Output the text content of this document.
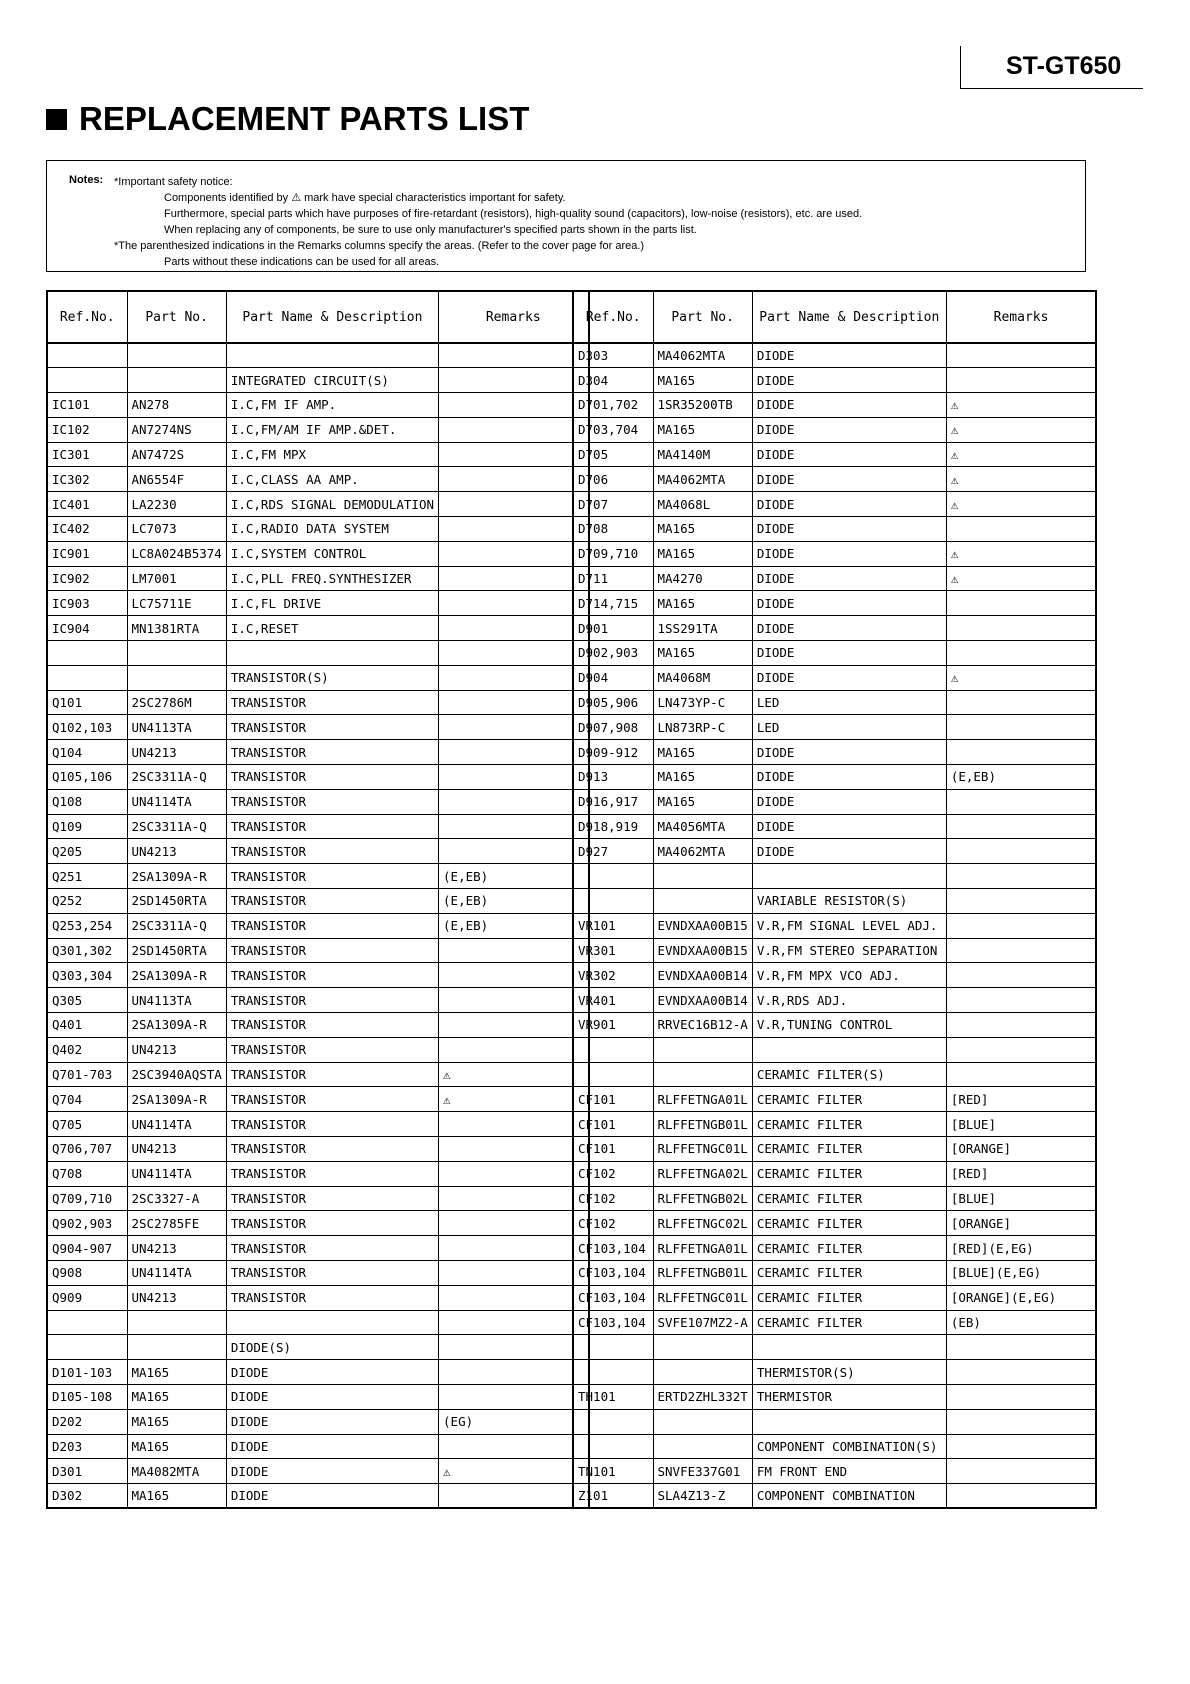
ST-GT650
REPLACEMENT PARTS LIST
Notes: *Important safety notice:
Components identified by ⚠ mark have special characteristics important for safety.
Furthermore, special parts which have purposes of fire-retardant (resistors), high-quality sound (capacitors), low-noise (resistors), etc. are used.
When replacing any of components, be sure to use only manufacturer's specified parts shown in the parts list.
*The parenthesized indications in the Remarks columns specify the areas. (Refer to the cover page for area.)
Parts without these indications can be used for all areas.
Ref.No.	Part No.	Part Name & Description	Remarks

		INTEGRATED CIRCUIT(S)	
IC101	AN278	I.C,FM IF AMP.	
IC102	AN7274NS	I.C,FM/AM IF AMP.&DET.	
IC301	AN7472S	I.C,FM MPX	
IC302	AN6554F	I.C,CLASS AA AMP.	
IC401	LA2230	I.C,RDS SIGNAL DEMODULATION	
IC402	LC7073	I.C,RADIO DATA SYSTEM	
IC901	LC8A024B5374	I.C,SYSTEM CONTROL	
IC902	LM7001	I.C,PLL FREQ.SYNTHESIZER	
IC903	LC75711E	I.C,FL DRIVE	
IC904	MN1381RTA	I.C,RESET	

		TRANSISTOR(S)	
Q101	2SC2786M	TRANSISTOR	
Q102,103	UN4113TA	TRANSISTOR	
Q104	UN4213	TRANSISTOR	
Q105,106	2SC3311A-Q	TRANSISTOR	
Q108	UN4114TA	TRANSISTOR	
Q109	2SC3311A-Q	TRANSISTOR	
Q205	UN4213	TRANSISTOR	
Q251	2SA1309A-R	TRANSISTOR	(E,EB)
Q252	2SD1450RTA	TRANSISTOR	(E,EB)
Q253,254	2SC3311A-Q	TRANSISTOR	(E,EB)
Q301,302	2SD1450RTA	TRANSISTOR	
Q303,304	2SA1309A-R	TRANSISTOR	
Q305	UN4113TA	TRANSISTOR	
Q401	2SA1309A-R	TRANSISTOR	
Q402	UN4213	TRANSISTOR	
Q701-703	2SC3940AQSTA	TRANSISTOR	⚠
Q704	2SA1309A-R	TRANSISTOR	⚠
Q705	UN4114TA	TRANSISTOR	
Q706,707	UN4213	TRANSISTOR	
Q708	UN4114TA	TRANSISTOR	
Q709,710	2SC3327-A	TRANSISTOR	
Q902,903	2SC2785FE	TRANSISTOR	
Q904-907	UN4213	TRANSISTOR	
Q908	UN4114TA	TRANSISTOR	
Q909	UN4213	TRANSISTOR	

		DIODE(S)	
D101-103	MA165	DIODE	
D105-108	MA165	DIODE	
D202	MA165	DIODE	(EG)
D203	MA165	DIODE	
D301	MA4082MTA	DIODE	⚠
D302	MA165	DIODE	
Ref.No.	Part No.	Part Name & Description	Remarks
D303	MA4062MTA	DIODE	
D304	MA165	DIODE	
D701,702	1SR35200TB	DIODE	⚠
D703,704	MA165	DIODE	⚠
D705	MA4140M	DIODE	⚠
D706	MA4062MTA	DIODE	⚠
D707	MA4068L	DIODE	⚠
D708	MA165	DIODE	
D709,710	MA165	DIODE	⚠
D711	MA4270	DIODE	⚠
D714,715	MA165	DIODE	
D901	1SS291TA	DIODE	
D902,903	MA165	DIODE	
D904	MA4068M	DIODE	⚠
D905,906	LN473YP-C	LED	
D907,908	LN873RP-C	LED	
D909-912	MA165	DIODE	
D913	MA165	DIODE	(E,EB)
D916,917	MA165	DIODE	
D918,919	MA4056MTA	DIODE	
D927	MA4062MTA	DIODE	

		VARIABLE RESISTOR(S)	
VR101	EVNDXAA00B15	V.R,FM SIGNAL LEVEL ADJ.	
VR301	EVNDXAA00B15	V.R,FM STEREO SEPARATION	
VR302	EVNDXAA00B14	V.R,FM MPX VCO ADJ.	
VR401	EVNDXAA00B14	V.R,RDS ADJ.	
VR901	RRVEC16B12-A	V.R,TUNING CONTROL	

		CERAMIC FILTER(S)	
CF101	RLFFETNGA01L	CERAMIC FILTER	[RED]
CF101	RLFFETNGB01L	CERAMIC FILTER	[BLUE]
CF101	RLFFETNGC01L	CERAMIC FILTER	[ORANGE]
CF102	RLFFETNGA02L	CERAMIC FILTER	[RED]
CF102	RLFFETNGB02L	CERAMIC FILTER	[BLUE]
CF102	RLFFETNGC02L	CERAMIC FILTER	[ORANGE]
CF103,104	RLFFETNGA01L	CERAMIC FILTER	[RED](E,EG)
CF103,104	RLFFETNGB01L	CERAMIC FILTER	[BLUE](E,EG)
CF103,104	RLFFETNGC01L	CERAMIC FILTER	[ORANGE](E,EG)
CF103,104	SVFE107MZ2-A	CERAMIC FILTER	(EB)

		THERMISTOR(S)	
TH101	ERTD2ZHL332T	THERMISTOR	

		COMPONENT COMBINATION(S)	
TN101	SNVFE337G01	FM FRONT END	
Z101	SLA4Z13-Z	COMPONENT COMBINATION	
